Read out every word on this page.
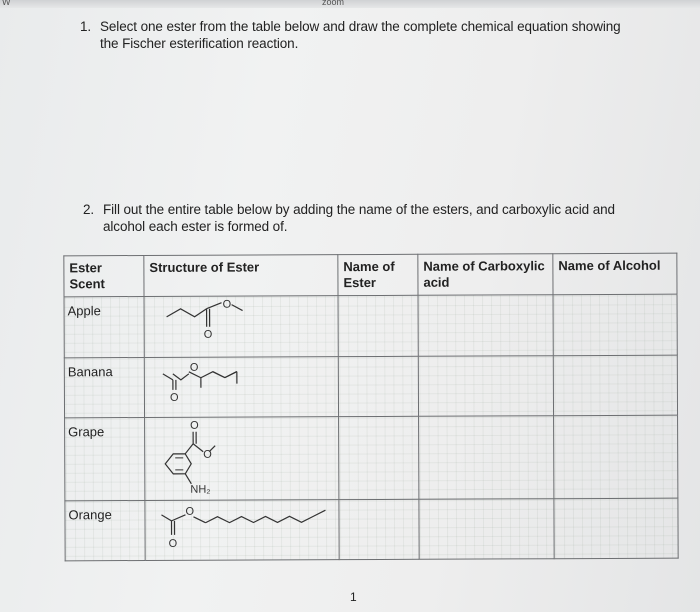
W	zoom
1. Select one ester from the table below and draw the complete chemical equation showing
the Fischer esterification reaction.
2. Fill out the entire table below by adding the name of the esters, and carboxylic acid and
alcohol each ester is formed of.
Ester Scent	Structure of Ester	Name of Ester	Name of Carboxylic acid	Name of Alcohol
Apple	O
O			

Banana	O
O			

Grape	O
O
NH₂			

Orange	O
O			

1
